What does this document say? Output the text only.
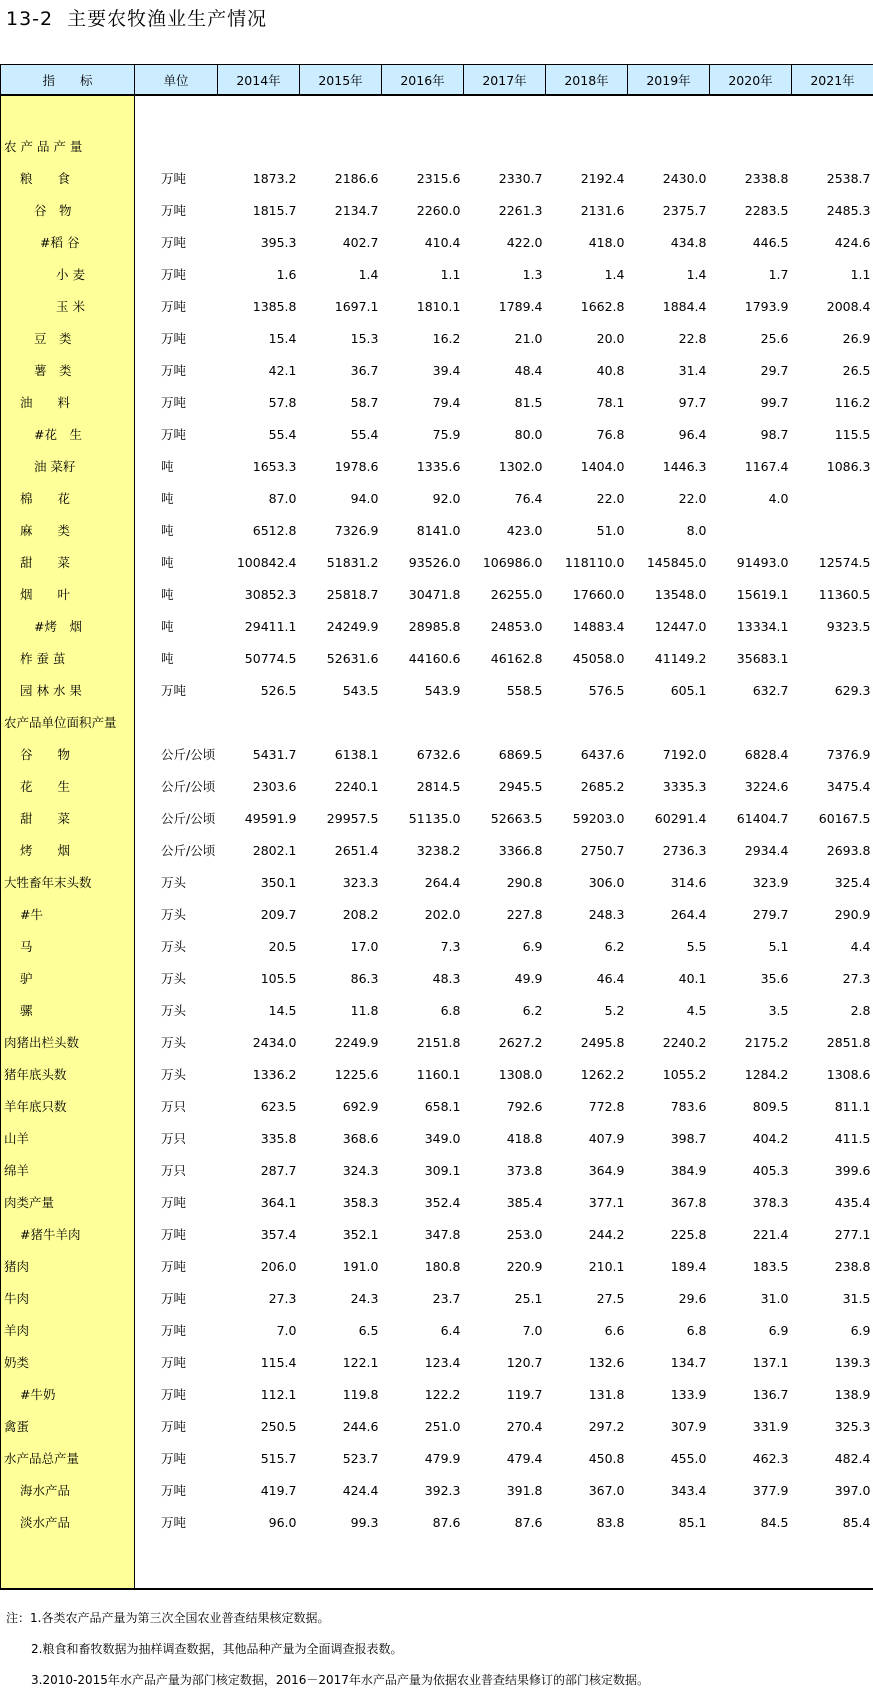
13-2 主要农牧渔业生产情况
指　　标	单位	2014年	2015年	2016年	2017年	2018年	2019年	2020年	2021年

农 产 品 产 量									
粮　　食	万吨	1873.2	2186.6	2315.6	2330.7	2192.4	2430.0	2338.8	2538.7
谷　物	万吨	1815.7	2134.7	2260.0	2261.3	2131.6	2375.7	2283.5	2485.3
#稻 谷	万吨	395.3	402.7	410.4	422.0	418.0	434.8	446.5	424.6
小 麦	万吨	1.6	1.4	1.1	1.3	1.4	1.4	1.7	1.1
玉 米	万吨	1385.8	1697.1	1810.1	1789.4	1662.8	1884.4	1793.9	2008.4
豆　类	万吨	15.4	15.3	16.2	21.0	20.0	22.8	25.6	26.9
薯　类	万吨	42.1	36.7	39.4	48.4	40.8	31.4	29.7	26.5
油　　料	万吨	57.8	58.7	79.4	81.5	78.1	97.7	99.7	116.2
#花　生	万吨	55.4	55.4	75.9	80.0	76.8	96.4	98.7	115.5
油 菜籽	吨	1653.3	1978.6	1335.6	1302.0	1404.0	1446.3	1167.4	1086.3
棉　　花	吨	87.0	94.0	92.0	76.4	22.0	22.0	4.0	
麻　　类	吨	6512.8	7326.9	8141.0	423.0	51.0	8.0		
甜　　菜	吨	100842.4	51831.2	93526.0	106986.0	118110.0	145845.0	91493.0	12574.5
烟　　叶	吨	30852.3	25818.7	30471.8	26255.0	17660.0	13548.0	15619.1	11360.5
#烤　烟	吨	29411.1	24249.9	28985.8	24853.0	14883.4	12447.0	13334.1	9323.5
柞 蚕 茧	吨	50774.5	52631.6	44160.6	46162.8	45058.0	41149.2	35683.1	
园 林 水 果	万吨	526.5	543.5	543.9	558.5	576.5	605.1	632.7	629.3
农产品单位面积产量									
谷　　物	公斤/公顷	5431.7	6138.1	6732.6	6869.5	6437.6	7192.0	6828.4	7376.9
花　　生	公斤/公顷	2303.6	2240.1	2814.5	2945.5	2685.2	3335.3	3224.6	3475.4
甜　　菜	公斤/公顷	49591.9	29957.5	51135.0	52663.5	59203.0	60291.4	61404.7	60167.5
烤　　烟	公斤/公顷	2802.1	2651.4	3238.2	3366.8	2750.7	2736.3	2934.4	2693.8
大牲畜年末头数	万头	350.1	323.3	264.4	290.8	306.0	314.6	323.9	325.4
#牛	万头	209.7	208.2	202.0	227.8	248.3	264.4	279.7	290.9
马	万头	20.5	17.0	7.3	6.9	6.2	5.5	5.1	4.4
驴	万头	105.5	86.3	48.3	49.9	46.4	40.1	35.6	27.3
骡	万头	14.5	11.8	6.8	6.2	5.2	4.5	3.5	2.8
肉猪出栏头数	万头	2434.0	2249.9	2151.8	2627.2	2495.8	2240.2	2175.2	2851.8
猪年底头数	万头	1336.2	1225.6	1160.1	1308.0	1262.2	1055.2	1284.2	1308.6
羊年底只数	万只	623.5	692.9	658.1	792.6	772.8	783.6	809.5	811.1
山羊	万只	335.8	368.6	349.0	418.8	407.9	398.7	404.2	411.5
绵羊	万只	287.7	324.3	309.1	373.8	364.9	384.9	405.3	399.6
肉类产量	万吨	364.1	358.3	352.4	385.4	377.1	367.8	378.3	435.4
#猪牛羊肉	万吨	357.4	352.1	347.8	253.0	244.2	225.8	221.4	277.1
猪肉	万吨	206.0	191.0	180.8	220.9	210.1	189.4	183.5	238.8
牛肉	万吨	27.3	24.3	23.7	25.1	27.5	29.6	31.0	31.5
羊肉	万吨	7.0	6.5	6.4	7.0	6.6	6.8	6.9	6.9
奶类	万吨	115.4	122.1	123.4	120.7	132.6	134.7	137.1	139.3
#牛奶	万吨	112.1	119.8	122.2	119.7	131.8	133.9	136.7	138.9
禽蛋	万吨	250.5	244.6	251.0	270.4	297.2	307.9	331.9	325.3
水产品总产量	万吨	515.7	523.7	479.9	479.4	450.8	455.0	462.3	482.4
海水产品	万吨	419.7	424.4	392.3	391.8	367.0	343.4	377.9	397.0
淡水产品	万吨	96.0	99.3	87.6	87.6	83.8	85.1	84.5	85.4

注：1.各类农产品产量为第三次全国农业普查结果核定数据。
2.粮食和畜牧数据为抽样调查数据，其他品种产量为全面调查报表数。
3.2010-2015年水产品产量为部门核定数据，2016－2017年水产品产量为依据农业普查结果修订的部门核定数据。
